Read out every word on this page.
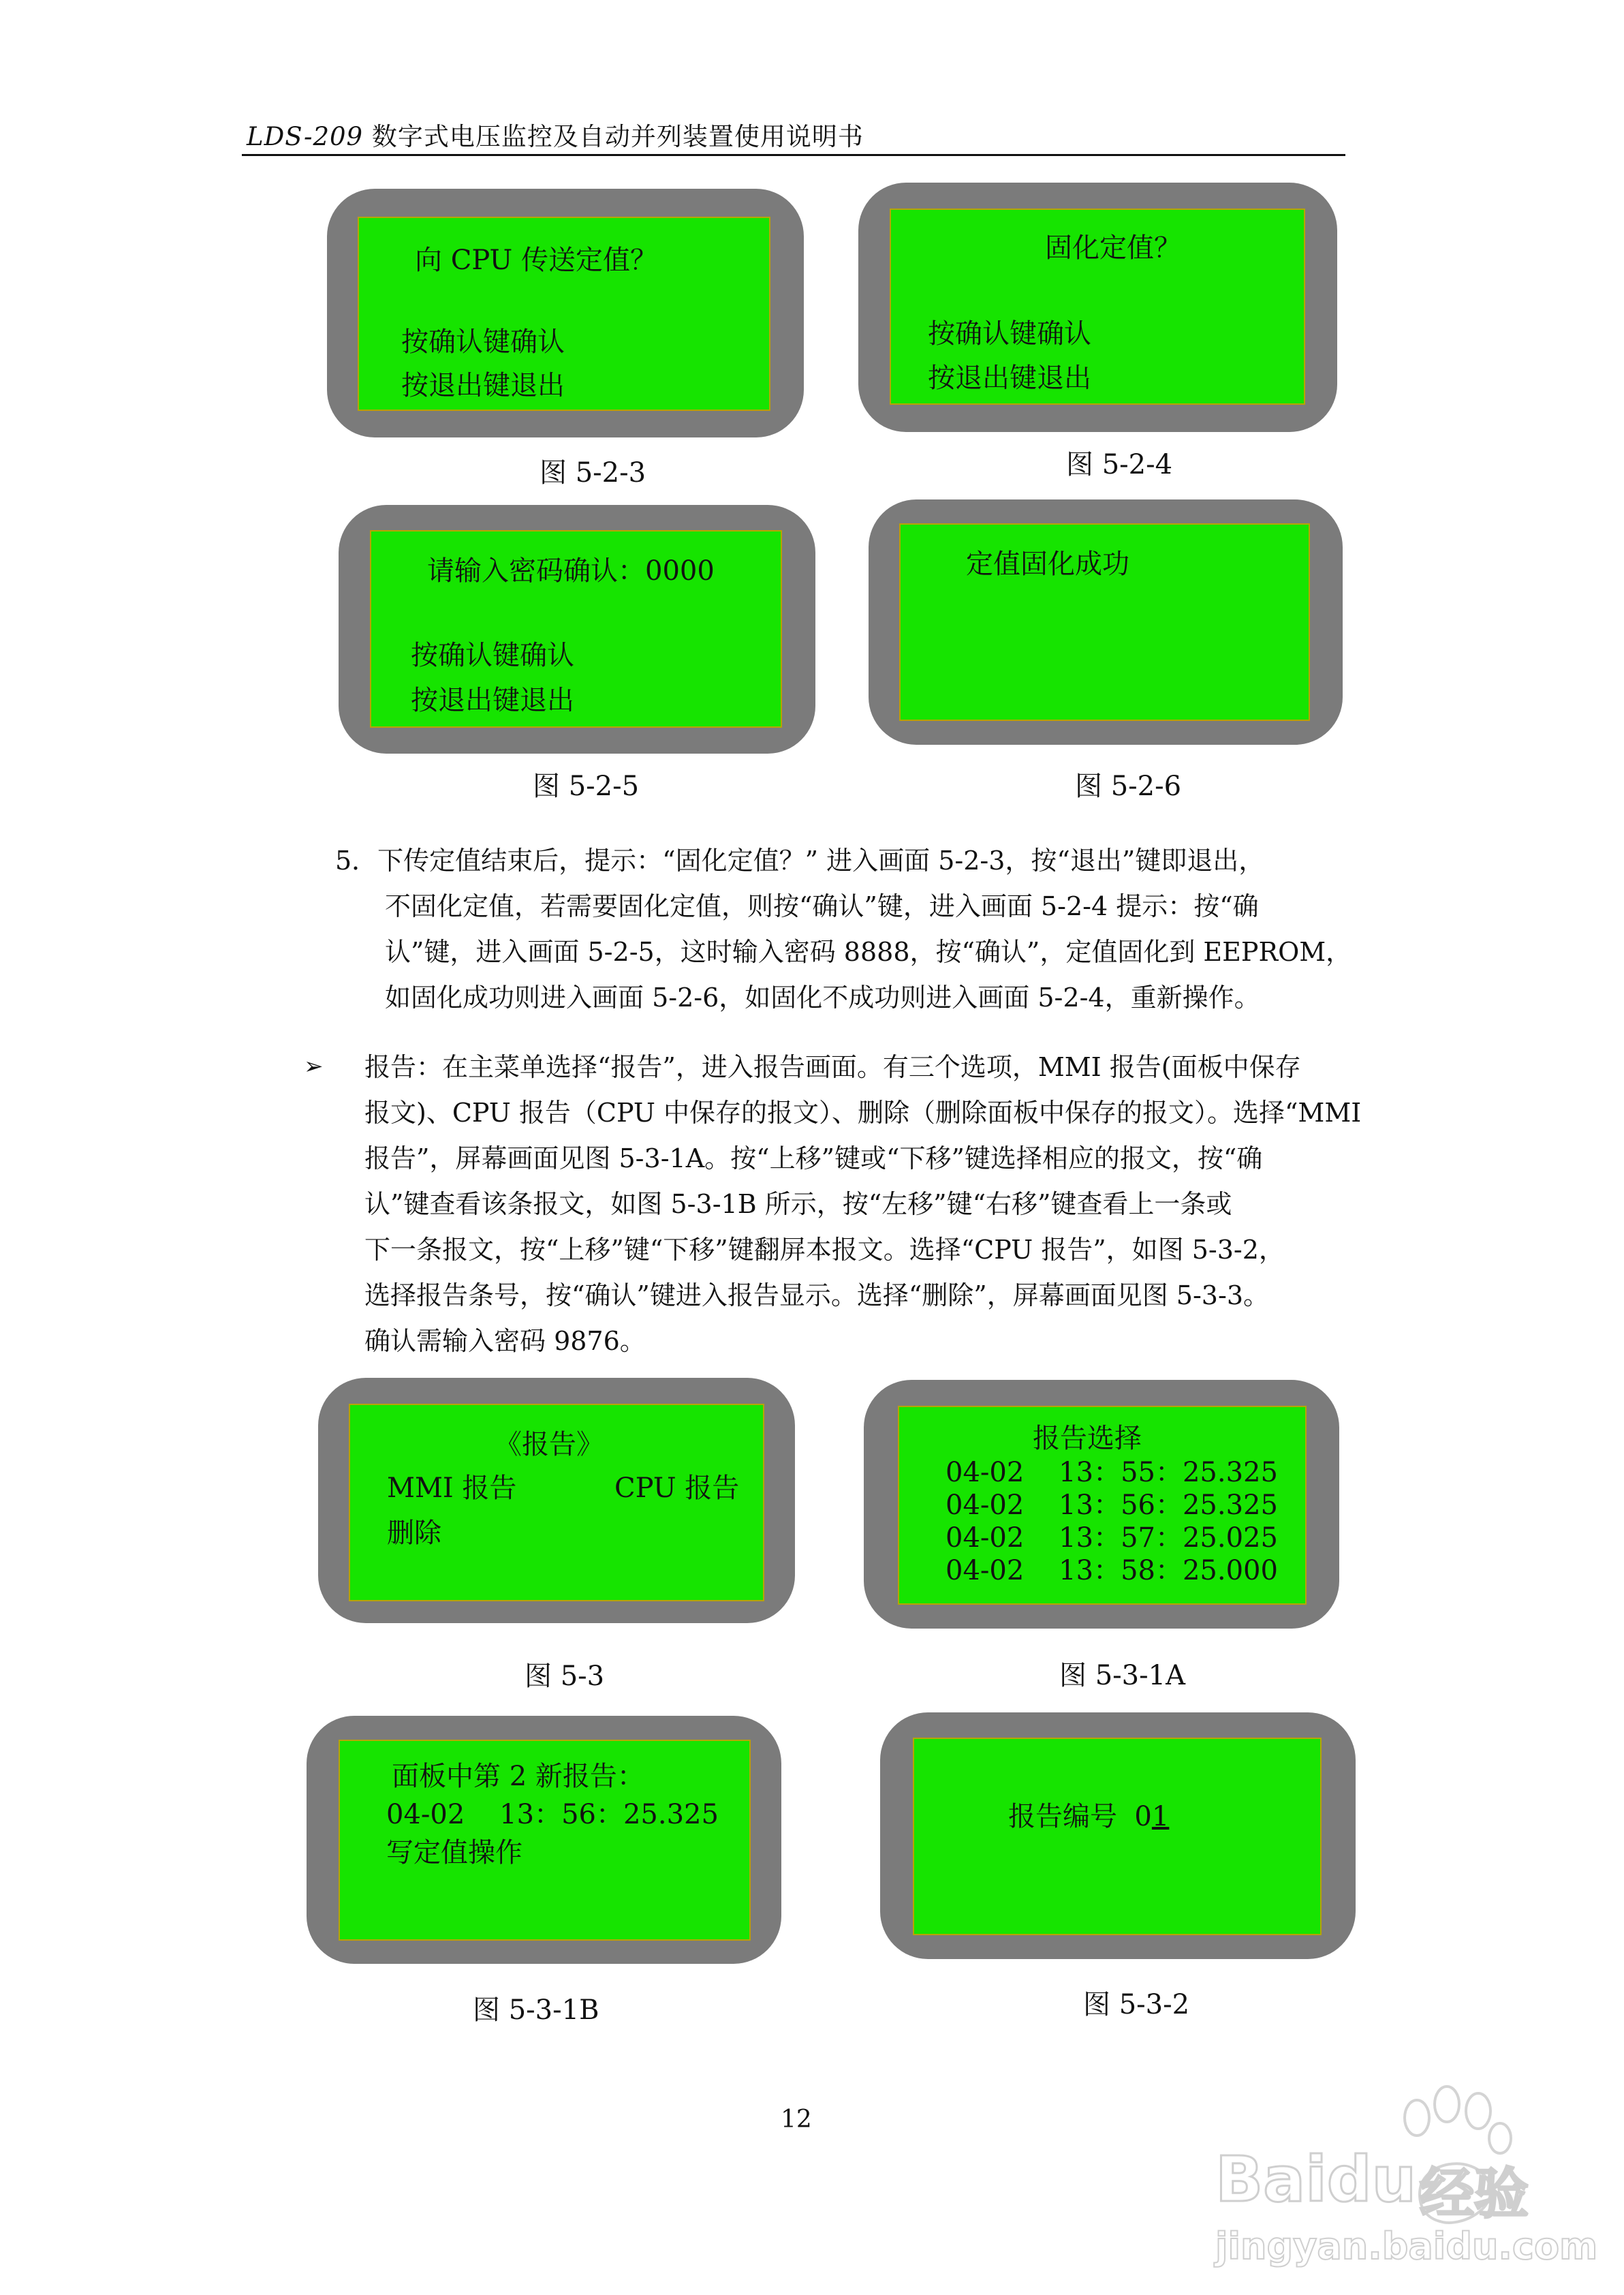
LDS-209 数字式电压监控及自动并列装置使用说明书
向 CPU 传送定值？
按确认键确认
按退出键退出
图 5-2-3
固化定值？
按确认键确认
按退出键退出
图 5-2-4
请输入密码确认：0000
按确认键确认
按退出键退出
图 5-2-5
定值固化成功
图 5-2-6
5．下传定值结束后，提示：“固化定值？” 进入画面 5-2-3，按“退出”键即退出，
不固化定值，若需要固化定值，则按“确认”键，进入画面 5-2-4 提示：按“确
认”键，进入画面 5-2-5，这时输入密码 8888，按“确认”，定值固化到 EEPROM，
如固化成功则进入画面 5-2-6，如固化不成功则进入画面 5-2-4，重新操作。
➢ 报告：在主菜单选择“报告”，进入报告画面。有三个选项，MMI 报告(面板中保存
报文)、CPU 报告（CPU 中保存的报文）、删除（删除面板中保存的报文）。选择“MMI
报告”，屏幕画面见图 5-3-1A。按“上移”键或“下移”键选择相应的报文，按“确
认”键查看该条报文，如图 5-3-1B 所示，按“左移”键“右移”键查看上一条或
下一条报文，按“上移”键“下移”键翻屏本报文。选择“CPU 报告”，如图 5-3-2，
选择报告条号，按“确认”键进入报告显示。选择“删除”，屏幕画面见图 5-3-3。
确认需输入密码 9876。
《报告》
MMI 报告	CPU 报告
删除
图 5-3
报告选择
04-02    13：55：25.325
04-02    13：56：25.325
04-02    13：57：25.025
04-02    13：58：25.000
图 5-3-1A
面板中第 2 新报告：
04-02    13：56：25.325
写定值操作
图 5-3-1B
报告编号  01
图 5-3-2
12
Baidu 经验
jingyan.baidu.com
